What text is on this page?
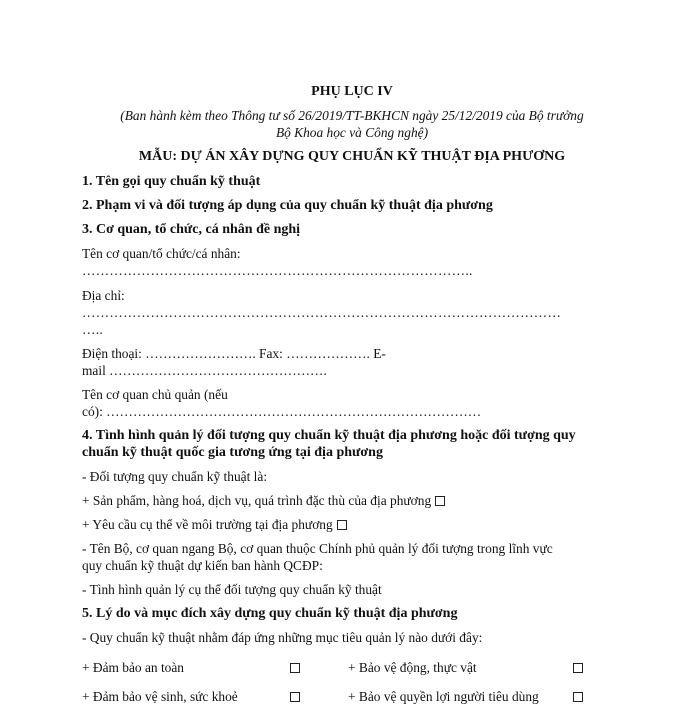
PHỤ LỤC IV
(Ban hành kèm theo Thông tư số 26/2019/TT-BKHCN ngày 25/12/2019 của Bộ trưởng
Bộ Khoa học và Công nghệ)
MẪU: DỰ ÁN XÂY DỰNG QUY CHUẨN KỸ THUẬT ĐỊA PHƯƠNG
1. Tên gọi quy chuẩn kỹ thuật
2. Phạm vi và đối tượng áp dụng của quy chuẩn kỹ thuật địa phương
3. Cơ quan, tổ chức, cá nhân đề nghị
Tên cơ quan/tổ chức/cá nhân:
…………………………………………………………………………..
Địa chỉ:
……………………………………………………………………………………………
…..
Điện thoại: ……………………. Fax: ………………. E-
mail ………………………………………….
Tên cơ quan chủ quản (nếu
có): …………………………………………………………………………
4. Tình hình quản lý đối tượng quy chuẩn kỹ thuật địa phương hoặc đối tượng quy
chuẩn kỹ thuật quốc gia tương ứng tại địa phương
- Đối tượng quy chuẩn kỹ thuật là:
+ Sản phẩm, hàng hoá, dịch vụ, quá trình đặc thù của địa phương
+ Yêu cầu cụ thể về môi trường tại địa phương
- Tên Bộ, cơ quan ngang Bộ, cơ quan thuộc Chính phủ quản lý đối tượng trong lĩnh vực
quy chuẩn kỹ thuật dự kiến ban hành QCĐP:
- Tình hình quản lý cụ thể đối tượng quy chuẩn kỹ thuật
5. Lý do và mục đích xây dựng quy chuẩn kỹ thuật địa phương
- Quy chuẩn kỹ thuật nhằm đáp ứng những mục tiêu quản lý nào dưới đây:
+ Đảm bảo an toàn	+ Bảo vệ động, thực vật
+ Đảm bảo vệ sinh, sức khoẻ	+ Bảo vệ quyền lợi người tiêu dùng
